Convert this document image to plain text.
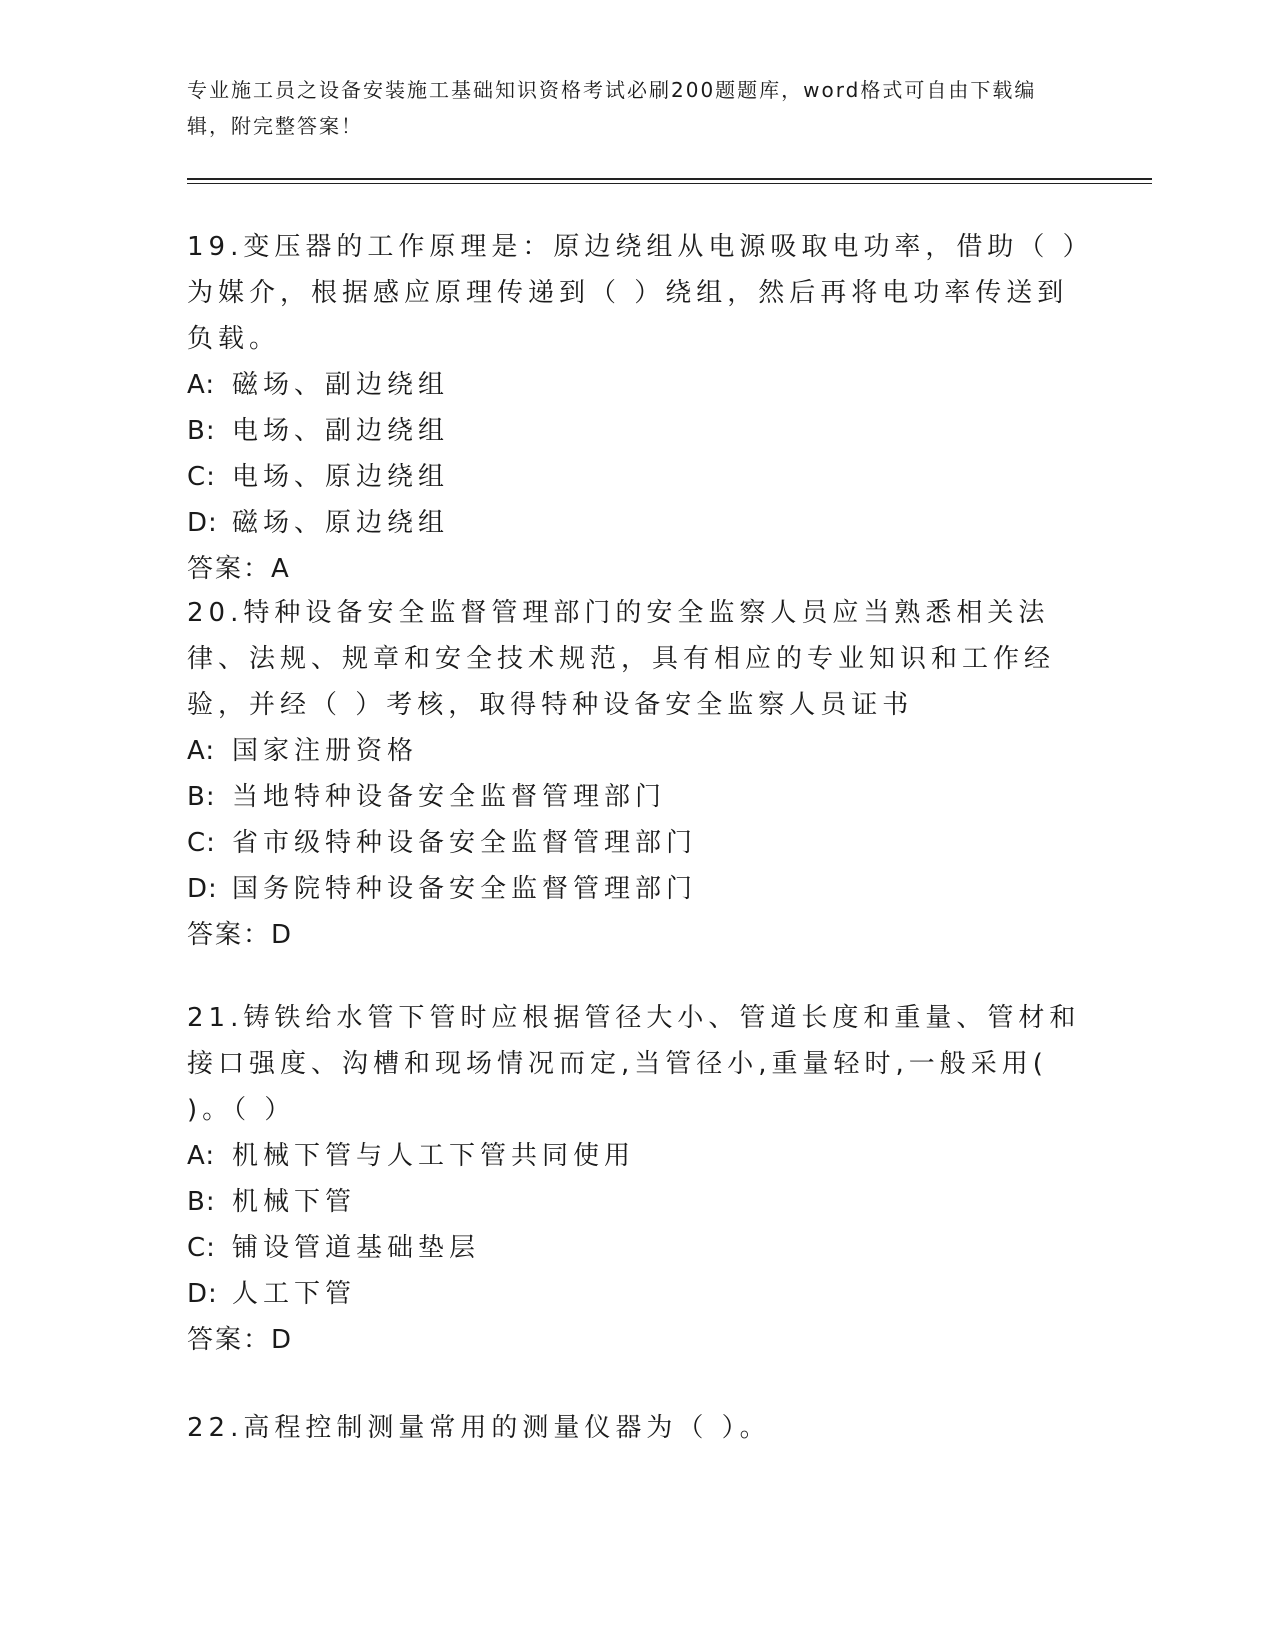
专业施工员之设备安装施工基础知识资格考试必刷200题题库，word格式可自由下载编辑，附完整答案！

19.变压器的工作原理是：原边绕组从电源吸取电功率，借助（ ）为媒介，根据感应原理传递到（ ）绕组，然后再将电功率传送到负载。

A: 磁场、副边绕组

B: 电场、副边绕组

C: 电场、原边绕组

D: 磁场、原边绕组

答案：A

20.特种设备安全监督管理部门的安全监察人员应当熟悉相关法律、法规、规章和安全技术规范，具有相应的专业知识和工作经验，并经（ ）考核，取得特种设备安全监察人员证书

A: 国家注册资格

B: 当地特种设备安全监督管理部门

C: 省市级特种设备安全监督管理部门

D: 国务院特种设备安全监督管理部门

答案：D

21.铸铁给水管下管时应根据管径大小、管道长度和重量、管材和接口强度、沟槽和现场情况而定,当管径小,重量轻时,一般采用( )。（ ）

A: 机械下管与人工下管共同使用

B: 机械下管

C: 铺设管道基础垫层

D: 人工下管

答案：D

22.高程控制测量常用的测量仪器为（ ）。
